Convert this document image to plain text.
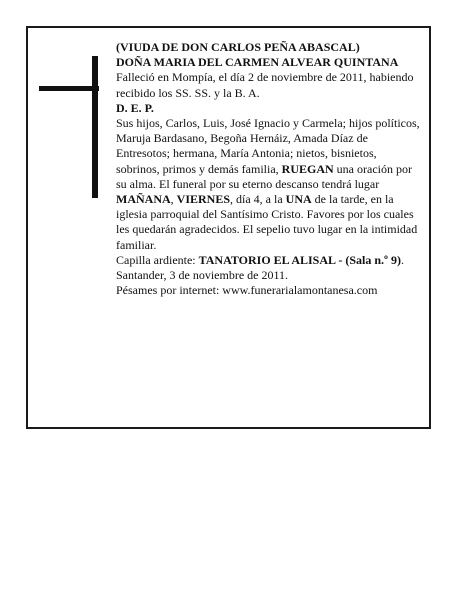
(VIUDA DE DON CARLOS PEÑA ABASCAL)

DOÑA MARIA DEL CARMEN ALVEAR QUINTANA

Falleció en Mompía, el día 2 de noviembre de 2011, habiendo recibido los SS. SS. y la B. A.

D. E. P.

Sus hijos, Carlos, Luis, José Ignacio y Carmela; hijos políticos, Maruja Bardasano, Begoña Hernáiz, Amada Díaz de Entresotos; hermana, María Antonia; nietos, bisnietos, sobrinos, primos y demás familia, RUEGAN una oración por su alma. El funeral por su eterno descanso tendrá lugar MAÑANA, VIERNES, día 4, a la UNA de la tarde, en la iglesia parroquial del Santísimo Cristo. Favores por los cuales les quedarán agradecidos. El sepelio tuvo lugar en la intimidad familiar.

Capilla ardiente: TANATORIO EL ALISAL - (Sala n.º 9).

Santander, 3 de noviembre de 2011.

Pésames por internet: www.funerarialamontanesa.com
